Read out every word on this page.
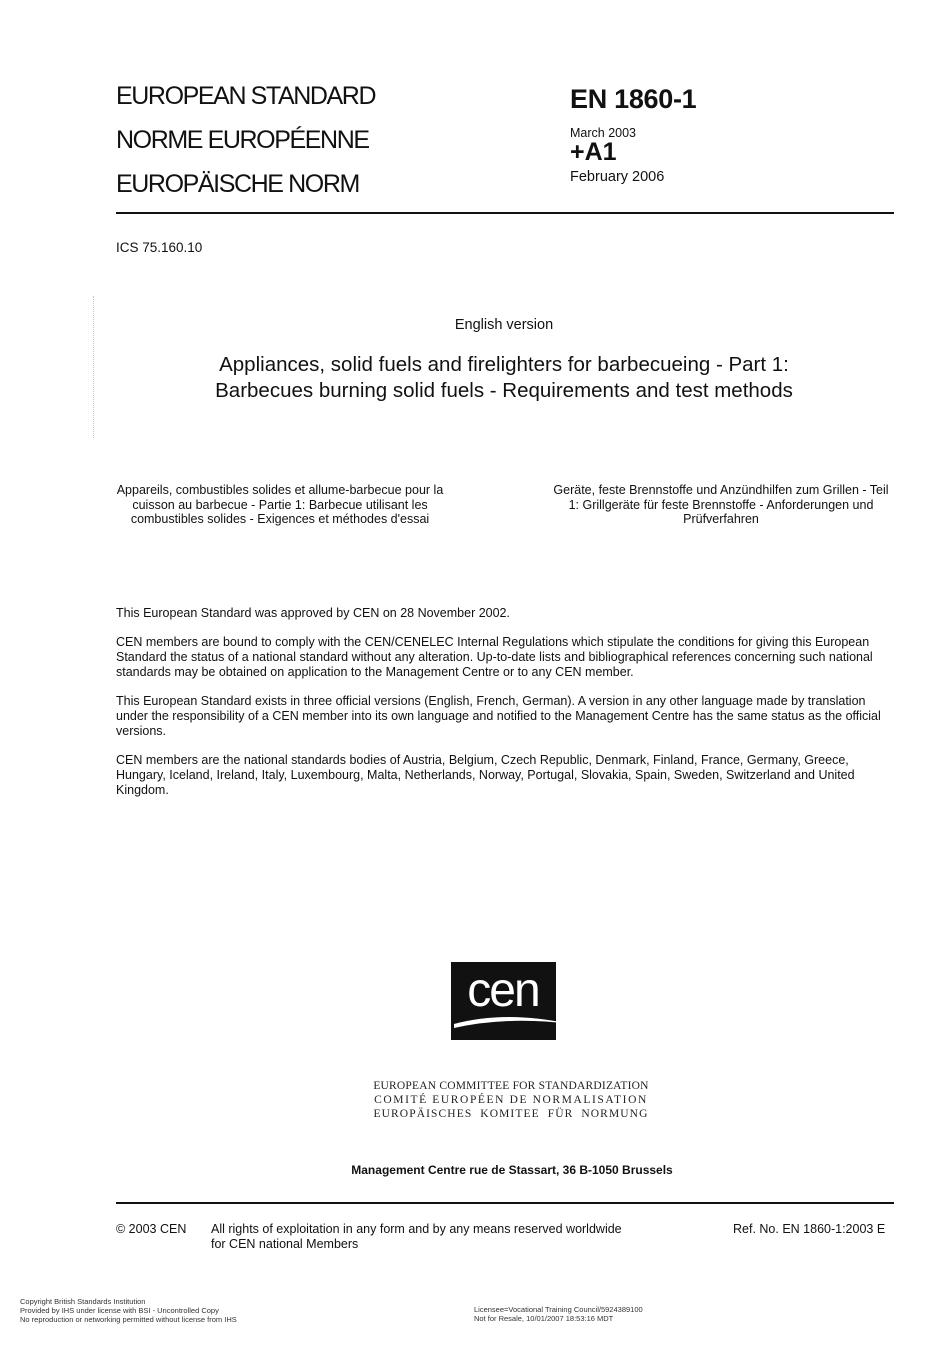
EUROPEAN STANDARD
NORME EUROPÉENNE
EUROPÄISCHE NORM
EN 1860-1
March 2003
+A1
February 2006
ICS 75.160.10
English version
Appliances, solid fuels and firelighters for barbecueing - Part 1:
Barbecues burning solid fuels - Requirements and test methods
Appareils, combustibles solides et allume-barbecue pour la cuisson au barbecue - Partie 1: Barbecue utilisant les combustibles solides - Exigences et méthodes d'essai
Geräte, feste Brennstoffe und Anzündhilfen zum Grillen - Teil 1: Grillgeräte für feste Brennstoffe - Anforderungen und Prüfverfahren

This European Standard was approved by CEN on 28 November 2002.

CEN members are bound to comply with the CEN/CENELEC Internal Regulations which stipulate the conditions for giving this European Standard the status of a national standard without any alteration. Up-to-date lists and bibliographical references concerning such national standards may be obtained on application to the Management Centre or to any CEN member.

This European Standard exists in three official versions (English, French, German). A version in any other language made by translation under the responsibility of a CEN member into its own language and notified to the Management Centre has the same status as the official versions.

CEN members are the national standards bodies of Austria, Belgium, Czech Republic, Denmark, Finland, France, Germany, Greece, Hungary, Iceland, Ireland, Italy, Luxembourg, Malta, Netherlands, Norway, Portugal, Slovakia, Spain, Sweden, Switzerland and United Kingdom.

cen
EUROPEAN COMMITTEE FOR STANDARDIZATION
COMITÉ EUROPÉEN DE NORMALISATION
EUROPÄISCHES KOMITEE FÜR NORMUNG
Management Centre rue de Stassart, 36 B-1050 Brussels
© 2003 CEN All rights of exploitation in any form and by any means reserved worldwide for CEN national Members
Ref. No. EN 1860-1:2003 E
Copyright British Standards Institution
Provided by IHS under license with BSI - Uncontrolled Copy
No reproduction or networking permitted without license from IHS
Licensee=Vocational Training Council/5924389100
Not for Resale, 10/01/2007 18:53:16 MDT
